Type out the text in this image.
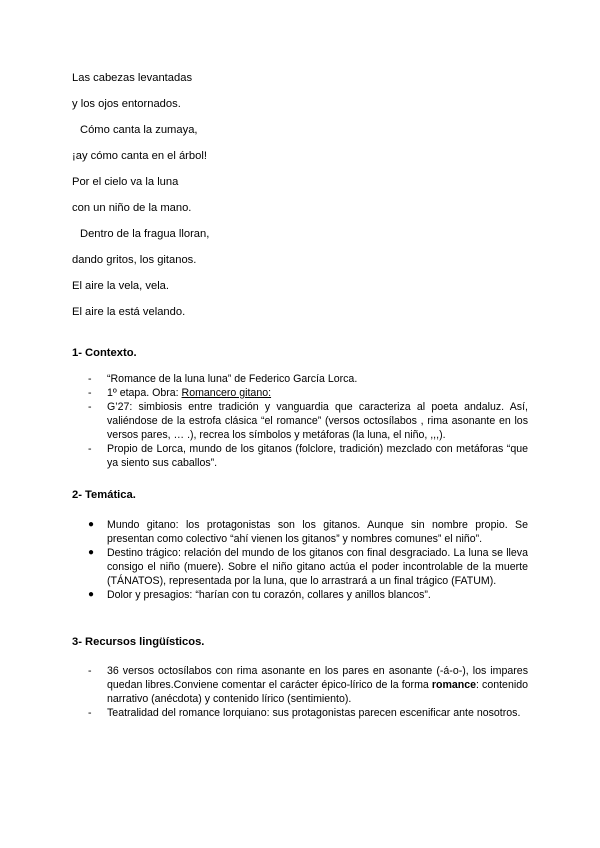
Las cabezas levantadas
y los ojos entornados.
Cómo canta la zumaya,
¡ay cómo canta en el árbol!
Por el cielo va la luna
con un niño de la mano.
Dentro de la fragua lloran,
dando gritos, los gitanos.
El aire la vela, vela.
El aire la está velando.
1- Contexto.
-
“Romance de la luna luna” de Federico García Lorca.
-
1º etapa. Obra: Romancero gitano:
-
G’27: simbiosis entre tradición y vanguardia que caracteriza al poeta andaluz. Así, valiéndose de la estrofa clásica “el romance” (versos octosílabos , rima asonante en los versos pares, … .), recrea los símbolos y metáforas (la luna, el niño, ,,,).
-
Propio de Lorca, mundo de los gitanos (folclore, tradición) mezclado con metáforas “que ya siento sus caballos”.
2- Temática.
●	Mundo gitano: los protagonistas son los gitanos. Aunque sin nombre propio. Se presentan como colectivo “ahí vienen los gitanos” y nombres comunes” el niño”.
●	Destino trágico: relación del mundo de los gitanos con final desgraciado. La luna se lleva consigo el niño (muere). Sobre el niño gitano actúa el poder incontrolable de la muerte (TÁNATOS), representada por la luna, que lo arrastrará a un final trágico (FATUM).
●	Dolor y presagios: “harían con tu corazón, collares y anillos blancos”.
3- Recursos lingüísticos.
-
36 versos octosílabos con rima asonante en los pares en asonante (-á-o-), los impares quedan libres.Conviene comentar el carácter épico-lírico de la forma romance: contenido narrativo (anécdota) y contenido lírico (sentimiento).
-
Teatralidad del romance lorquiano: sus protagonistas parecen escenificar ante nosotros.
